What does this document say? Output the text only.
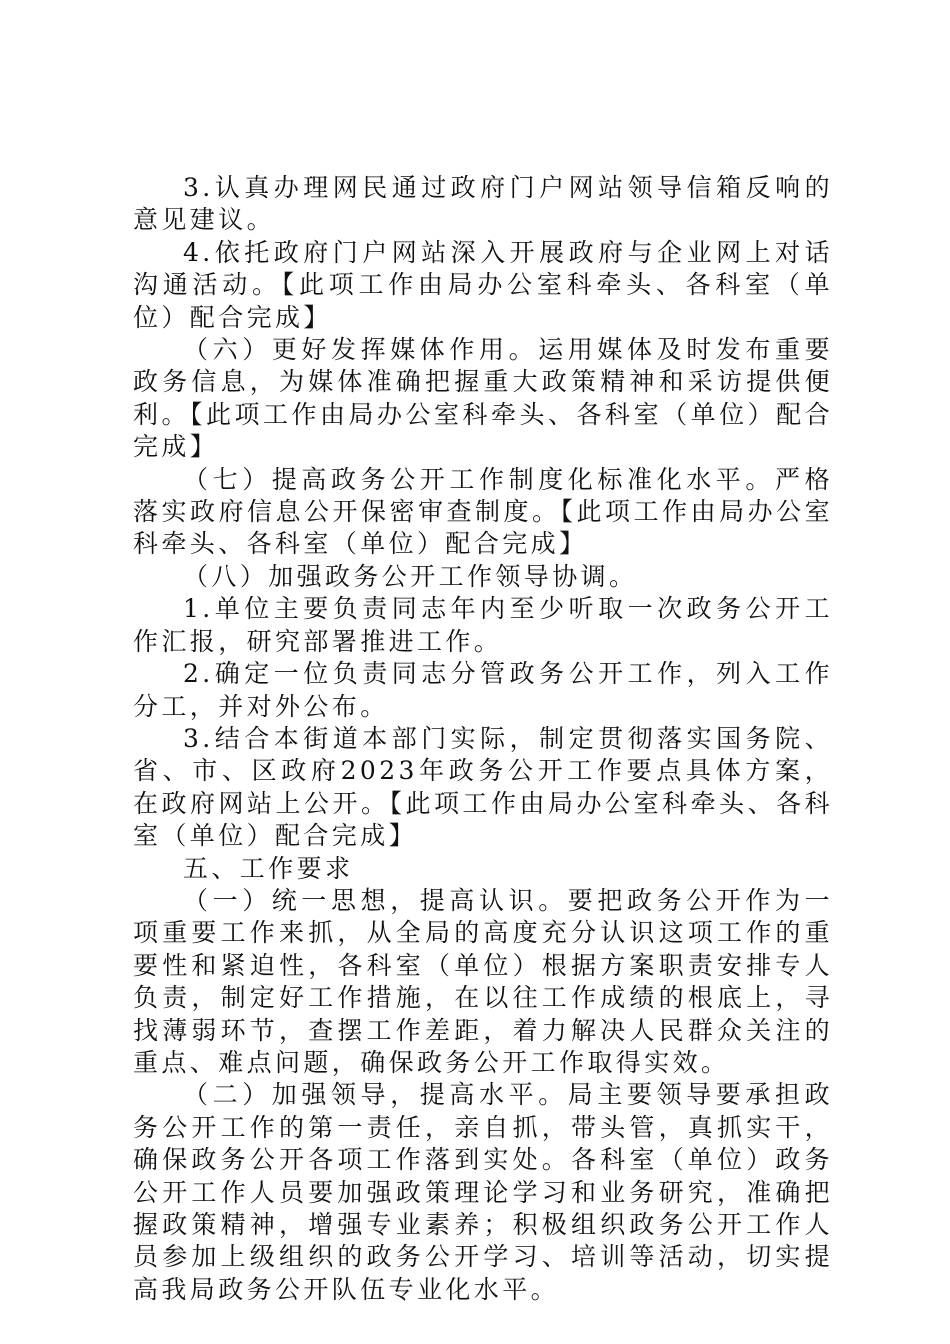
3.认真办理网民通过政府门户网站领导信箱反响的意见建议。

4.依托政府门户网站深入开展政府与企业网上对话沟通活动。【此项工作由局办公室科牵头、各科室（单位）配合完成】

（六）更好发挥媒体作用。运用媒体及时发布重要政务信息，为媒体准确把握重大政策精神和采访提供便利。【此项工作由局办公室科牵头、各科室（单位）配合完成】

（七）提高政务公开工作制度化标准化水平。严格落实政府信息公开保密审查制度。【此项工作由局办公室科牵头、各科室（单位）配合完成】

（八）加强政务公开工作领导协调。

1.单位主要负责同志年内至少听取一次政务公开工作汇报，研究部署推进工作。

2.确定一位负责同志分管政务公开工作，列入工作分工，并对外公布。

3.结合本街道本部门实际，制定贯彻落实国务院、省、市、区政府2023年政务公开工作要点具体方案，在政府网站上公开。【此项工作由局办公室科牵头、各科室（单位）配合完成】

五、工作要求

（一）统一思想，提高认识。要把政务公开作为一项重要工作来抓，从全局的高度充分认识这项工作的重要性和紧迫性，各科室（单位）根据方案职责安排专人负责，制定好工作措施，在以往工作成绩的根底上，寻找薄弱环节，查摆工作差距，着力解决人民群众关注的重点、难点问题，确保政务公开工作取得实效。

（二）加强领导，提高水平。局主要领导要承担政务公开工作的第一责任，亲自抓，带头管，真抓实干，确保政务公开各项工作落到实处。各科室（单位）政务公开工作人员要加强政策理论学习和业务研究，准确把握政策精神，增强专业素养；积极组织政务公开工作人员参加上级组织的政务公开学习、培训等活动，切实提高我局政务公开队伍专业化水平。
